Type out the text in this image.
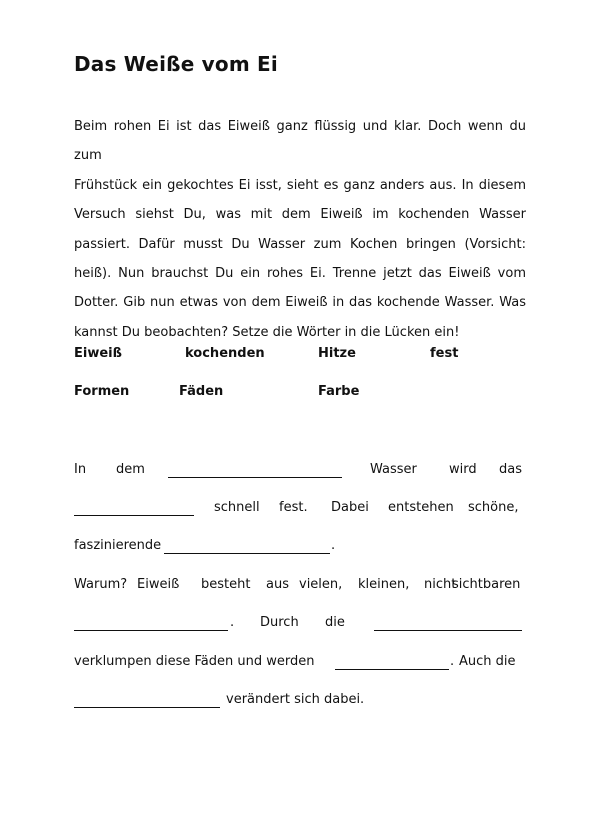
Das Weiße vom Ei
Beim rohen Ei ist das Eiweiß ganz flüssig und klar. Doch wenn du zum
Frühstück ein gekochtes Ei isst, sieht es ganz anders aus. In diesem
Versuch siehst Du, was mit dem Eiweiß im kochenden Wasser
passiert. Dafür musst Du Wasser zum Kochen bringen (Vorsicht:
heiß). Nun brauchst Du ein rohes Ei. Trenne jetzt das Eiweiß vom
Dotter. Gib nun etwas von dem Eiweiß in das kochende Wasser. Was
kannst Du beobachten? Setze die Wörter in die Lücken ein!
Eiweiß	kochenden	Hitze	fest
Formen	Fäden	Farbe
In dem	Wasser wird das
schnell fest. Dabei entstehen schöne,
faszinierende	.
Warum? Eiweiß besteht aus vielen, kleinen, nicht
sichtbaren
. Durch die
verklumpen diese Fäden und werden	. Auch die
verändert sich dabei.
